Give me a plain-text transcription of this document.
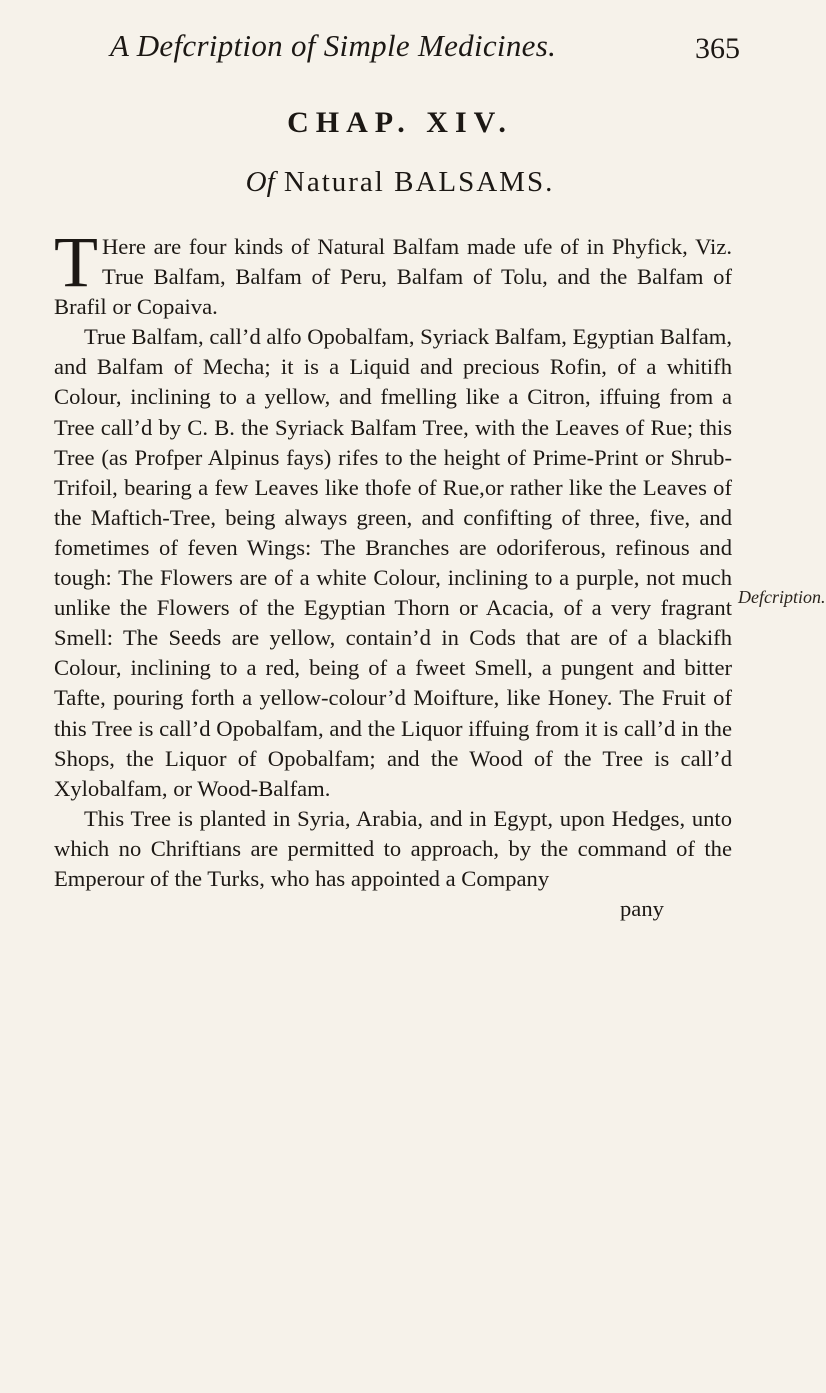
A Defcription of Simple Medicines.	365
CHAP. XIV.
Of Natural BALSAMS.

T Here are four kinds of Natural Balfam made ufe of in Phyfick, Viz. True Balfam, Balfam of Peru, Balfam of Tolu, and the Balfam of Brafil or Copaiva.

True Balfam, call’d alfo Opobalfam, Syriack Balfam, Egyptian Balfam, and Balfam of Mecha; it is a Liquid and precious Rofin, of a whitifh Colour, inclining to a yellow, and fmelling like a Citron, iffuing from a Tree call’d by C. B. the Syriack Balfam Tree, with the Leaves of Rue; this Tree (as Profper Alpinus fays) rifes to the height of Prime-Print or Shrub-Trifoil, bearing a few Leaves like thofe of Rue,or rather like the Leaves of the Maftich-Tree, being always green, and confifting of three, five, and fometimes of feven Wings: The Branches are odoriferous, refinous and tough: The Flowers are of a white Colour, inclining to a purple, not much unlike the Flowers of the Egyptian Thorn or Acacia, of a very fragrant Smell: The Seeds are yellow, contain’d in Cods that are of a blackifh Colour, inclining to a red, being of a fweet Smell, a pungent and bitter Tafte, pouring forth a yellow-colour’d Moifture, like Honey. The Fruit of this Tree is call’d Opobalfam, and the Liquor iffuing from it is call’d in the Shops, the Liquor of Opobalfam; and the Wood of the Tree is call’d Xylobalfam, or Wood-Balfam.

This Tree is planted in Syria, Arabia, and in Egypt, upon Hedges, unto which no Chriftians are permitted to approach, by the command of the Emperour of the Turks, who has appointed a Company

Defcription.
pany
